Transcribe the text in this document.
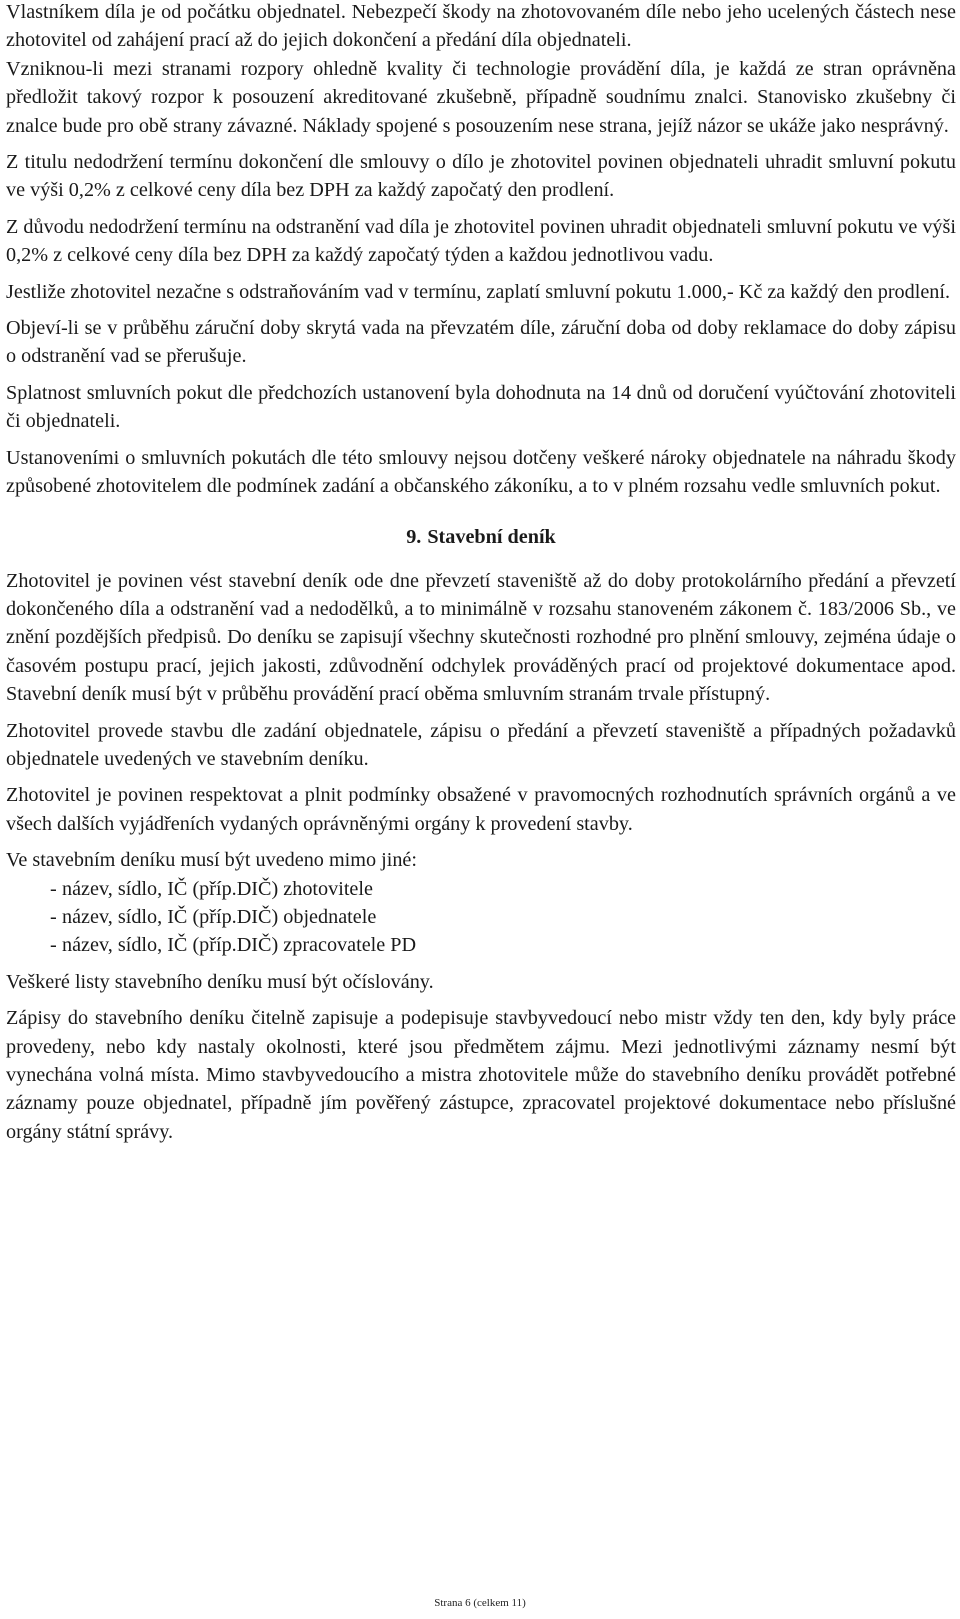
Vlastníkem díla je od počátku objednatel. Nebezpečí škody na zhotovovaném díle nebo jeho ucelených částech nese zhotovitel od zahájení prací až do jejich dokončení a předání díla objednateli.

Vzniknou-li mezi stranami rozpory ohledně kvality či technologie provádění díla, je každá ze stran oprávněna předložit takový rozpor k posouzení akreditované zkušebně, případně soudnímu znalci. Stanovisko zkušebny či znalce bude pro obě strany závazné. Náklady spojené s posouzením nese strana, jejíž názor se ukáže jako nesprávný.

Z titulu nedodržení termínu dokončení dle smlouvy o dílo je zhotovitel povinen objednateli uhradit smluvní pokutu ve výši 0,2% z celkové ceny díla bez DPH za každý započatý den prodlení.

Z důvodu nedodržení termínu na odstranění vad díla je zhotovitel povinen uhradit objednateli smluvní pokutu ve výši 0,2% z celkové ceny díla bez DPH za každý započatý týden a každou jednotlivou vadu.

Jestliže zhotovitel nezačne s odstraňováním vad v termínu, zaplatí smluvní pokutu 1.000,- Kč za každý den prodlení.

Objeví-li se v průběhu záruční doby skrytá vada na převzatém díle, záruční doba od doby reklamace do doby zápisu o odstranění vad se přerušuje.

Splatnost smluvních pokut dle předchozích ustanovení byla dohodnuta na 14 dnů od doručení vyúčtování zhotoviteli či objednateli.

Ustanoveními o smluvních pokutách dle této smlouvy nejsou dotčeny veškeré nároky objednatele na náhradu škody způsobené zhotovitelem dle podmínek zadání a občanského zákoníku, a to v plném rozsahu vedle smluvních pokut.

9. Stavební deník

Zhotovitel je povinen vést stavební deník ode dne převzetí staveniště až do doby protokolárního předání a převzetí dokončeného díla a odstranění vad a nedodělků, a to minimálně v rozsahu stanoveném zákonem č. 183/2006 Sb., ve znění pozdějších předpisů. Do deníku se zapisují všechny skutečnosti rozhodné pro plnění smlouvy, zejména údaje o časovém postupu prací, jejich jakosti, zdůvodnění odchylek prováděných prací od projektové dokumentace apod. Stavební deník musí být v průběhu provádění prací oběma smluvním stranám trvale přístupný.

Zhotovitel provede stavbu dle zadání objednatele, zápisu o předání a převzetí staveniště a případných požadavků objednatele uvedených ve stavebním deníku.

Zhotovitel je povinen respektovat a plnit podmínky obsažené v pravomocných rozhodnutích správních orgánů a ve všech dalších vyjádřeních vydaných oprávněnými orgány k provedení stavby.

Ve stavebním deníku musí být uvedeno mimo jiné:

název, sídlo, IČ (příp.DIČ) zhotovitele
název, sídlo, IČ (příp.DIČ) objednatele
název, sídlo, IČ (příp.DIČ) zpracovatele PD

Veškeré listy stavebního deníku musí být očíslovány.

Zápisy do stavebního deníku čitelně zapisuje a podepisuje stavbyvedoucí nebo mistr vždy ten den, kdy byly práce provedeny, nebo kdy nastaly okolnosti, které jsou předmětem zájmu. Mezi jednotlivými záznamy nesmí být vynechána volná místa. Mimo stavbyvedoucího a mistra zhotovitele může do stavebního deníku provádět potřebné záznamy pouze objednatel, případně jím pověřený zástupce, zpracovatel projektové dokumentace nebo příslušné orgány státní správy.

Strana 6 (celkem 11)
